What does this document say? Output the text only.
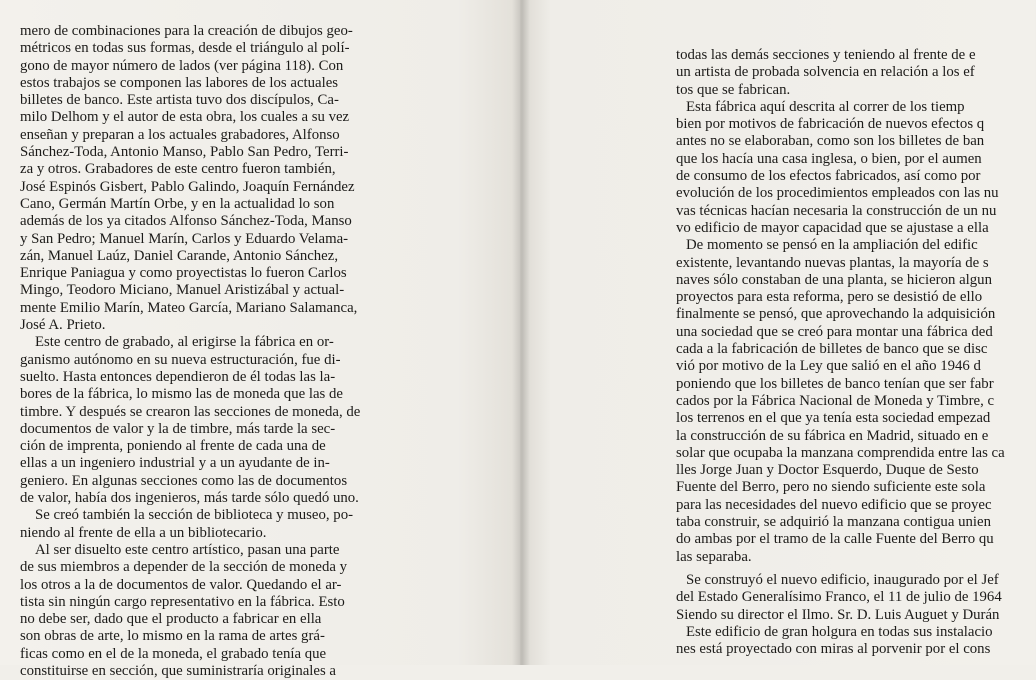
mero de combinaciones para la creación de dibujos geo-
métricos en todas sus formas, desde el triángulo al polí-
gono de mayor número de lados (ver página 118). Con
estos trabajos se componen las labores de los actuales
billetes de banco. Este artista tuvo dos discípulos, Ca-
milo Delhom y el autor de esta obra, los cuales a su vez
enseñan y preparan a los actuales grabadores, Alfonso
Sánchez-Toda, Antonio Manso, Pablo San Pedro, Terri-
za y otros. Grabadores de este centro fueron también,
José Espinós Gisbert, Pablo Galindo, Joaquín Fernández
Cano, Germán Martín Orbe, y en la actualidad lo son
además de los ya citados Alfonso Sánchez-Toda, Manso
y San Pedro; Manuel Marín, Carlos y Eduardo Velama-
zán, Manuel Laúz, Daniel Carande, Antonio Sánchez,
Enrique Paniagua y como proyectistas lo fueron Carlos
Mingo, Teodoro Miciano, Manuel Aristizábal y actual-
mente Emilio Marín, Mateo García, Mariano Salamanca,
José A. Prieto.
Este centro de grabado, al erigirse la fábrica en or-
ganismo autónomo en su nueva estructuración, fue di-
suelto. Hasta entonces dependieron de él todas las la-
bores de la fábrica, lo mismo las de moneda que las de
timbre. Y después se crearon las secciones de moneda, de
documentos de valor y la de timbre, más tarde la sec-
ción de imprenta, poniendo al frente de cada una de
ellas a un ingeniero industrial y a un ayudante de in-
geniero. En algunas secciones como las de documentos
de valor, había dos ingenieros, más tarde sólo quedó uno.
Se creó también la sección de biblioteca y museo, po-
niendo al frente de ella a un bibliotecario.
Al ser disuelto este centro artístico, pasan una parte
de sus miembros a depender de la sección de moneda y
los otros a la de documentos de valor. Quedando el ar-
tista sin ningún cargo representativo en la fábrica. Esto
no debe ser, dado que el producto a fabricar en ella
son obras de arte, lo mismo en la rama de artes grá-
ficas como en el de la moneda, el grabado tenía que
constituirse en sección, que suministraría originales a
todas las demás secciones y teniendo al frente de e
un artista de probada solvencia en relación a los ef
tos que se fabrican.
Esta fábrica aquí descrita al correr de los tiemp
bien por motivos de fabricación de nuevos efectos q
antes no se elaboraban, como son los billetes de ban
que los hacía una casa inglesa, o bien, por el aumen
de consumo de los efectos fabricados, así como por
evolución de los procedimientos empleados con las nu
vas técnicas hacían necesaria la construcción de un nu
vo edificio de mayor capacidad que se ajustase a ella
De momento se pensó en la ampliación del edific
existente, levantando nuevas plantas, la mayoría de s
naves sólo constaban de una planta, se hicieron algun
proyectos para esta reforma, pero se desistió de ello
finalmente se pensó, que aprovechando la adquisición
una sociedad que se creó para montar una fábrica ded
cada a la fabricación de billetes de banco que se disc
vió por motivo de la Ley que salió en el año 1946 d
poniendo que los billetes de banco tenían que ser fabr
cados por la Fábrica Nacional de Moneda y Timbre, c
los terrenos en el que ya tenía esta sociedad empezad
la construcción de su fábrica en Madrid, situado en e
solar que ocupaba la manzana comprendida entre las ca
lles Jorge Juan y Doctor Esquerdo, Duque de Sesto
Fuente del Berro, pero no siendo suficiente este sola
para las necesidades del nuevo edificio que se proyec
taba construir, se adquirió la manzana contigua unien
do ambas por el tramo de la calle Fuente del Berro qu
las separaba.
Se construyó el nuevo edificio, inaugurado por el Jef
del Estado Generalísimo Franco, el 11 de julio de 1964
Siendo su director el Ilmo. Sr. D. Luis Auguet y Durán
Este edificio de gran holgura en todas sus instalacio
nes está proyectado con miras al porvenir por el cons
